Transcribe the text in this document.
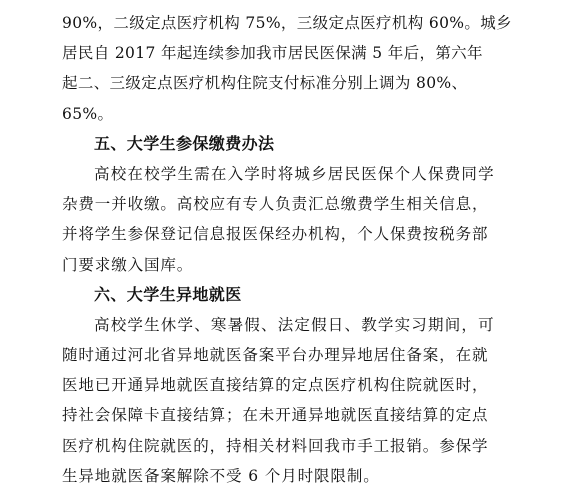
90%，二级定点医疗机构 75%，三级定点医疗机构 60%。城乡
居民自 2017 年起连续参加我市居民医保满 5 年后，第六年
起二、三级定点医疗机构住院支付标准分别上调为 80%、
65%。
五、大学生参保缴费办法
高校在校学生需在入学时将城乡居民医保个人保费同学
杂费一并收缴。高校应有专人负责汇总缴费学生相关信息，
并将学生参保登记信息报医保经办机构，个人保费按税务部
门要求缴入国库。
六、大学生异地就医
高校学生休学、寒暑假、法定假日、教学实习期间，可
随时通过河北省异地就医备案平台办理异地居住备案，在就
医地已开通异地就医直接结算的定点医疗机构住院就医时，
持社会保障卡直接结算；在未开通异地就医直接结算的定点
医疗机构住院就医的，持相关材料回我市手工报销。参保学
生异地就医备案解除不受 6 个月时限限制。
